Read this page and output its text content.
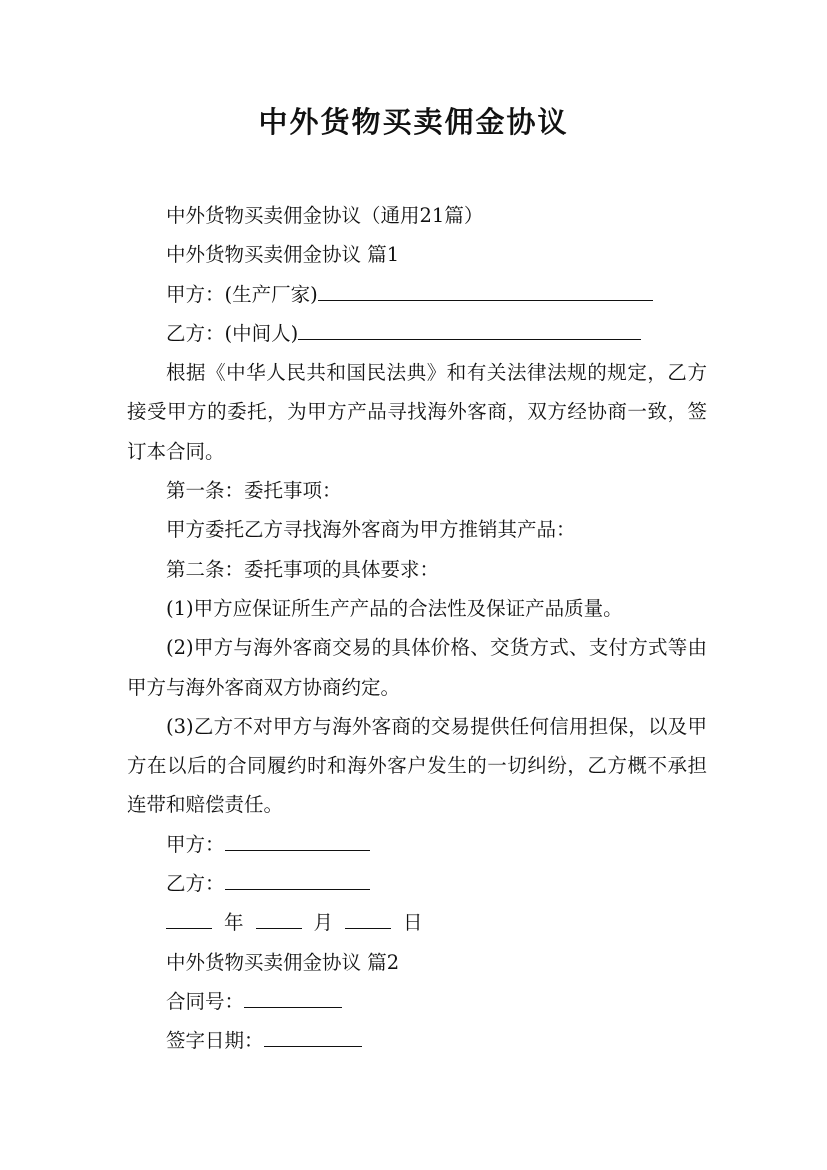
中外货物买卖佣金协议

中外货物买卖佣金协议（通用21篇）

中外货物买卖佣金协议 篇1

甲方：(生产厂家)

乙方：(中间人)

根据《中华人民共和国民法典》和有关法律法规的规定，乙方接受甲方的委托，为甲方产品寻找海外客商，双方经协商一致，签订本合同。

第一条：委托事项：

甲方委托乙方寻找海外客商为甲方推销其产品：

第二条：委托事项的具体要求：

(1)甲方应保证所生产产品的合法性及保证产品质量。

(2)甲方与海外客商交易的具体价格、交货方式、支付方式等由甲方与海外客商双方协商约定。

(3)乙方不对甲方与海外客商的交易提供任何信用担保，以及甲方在以后的合同履约时和海外客户发生的一切纠纷，乙方概不承担连带和赔偿责任。

甲方：

乙方：

年	月	日

中外货物买卖佣金协议 篇2

合同号：

签字日期：
